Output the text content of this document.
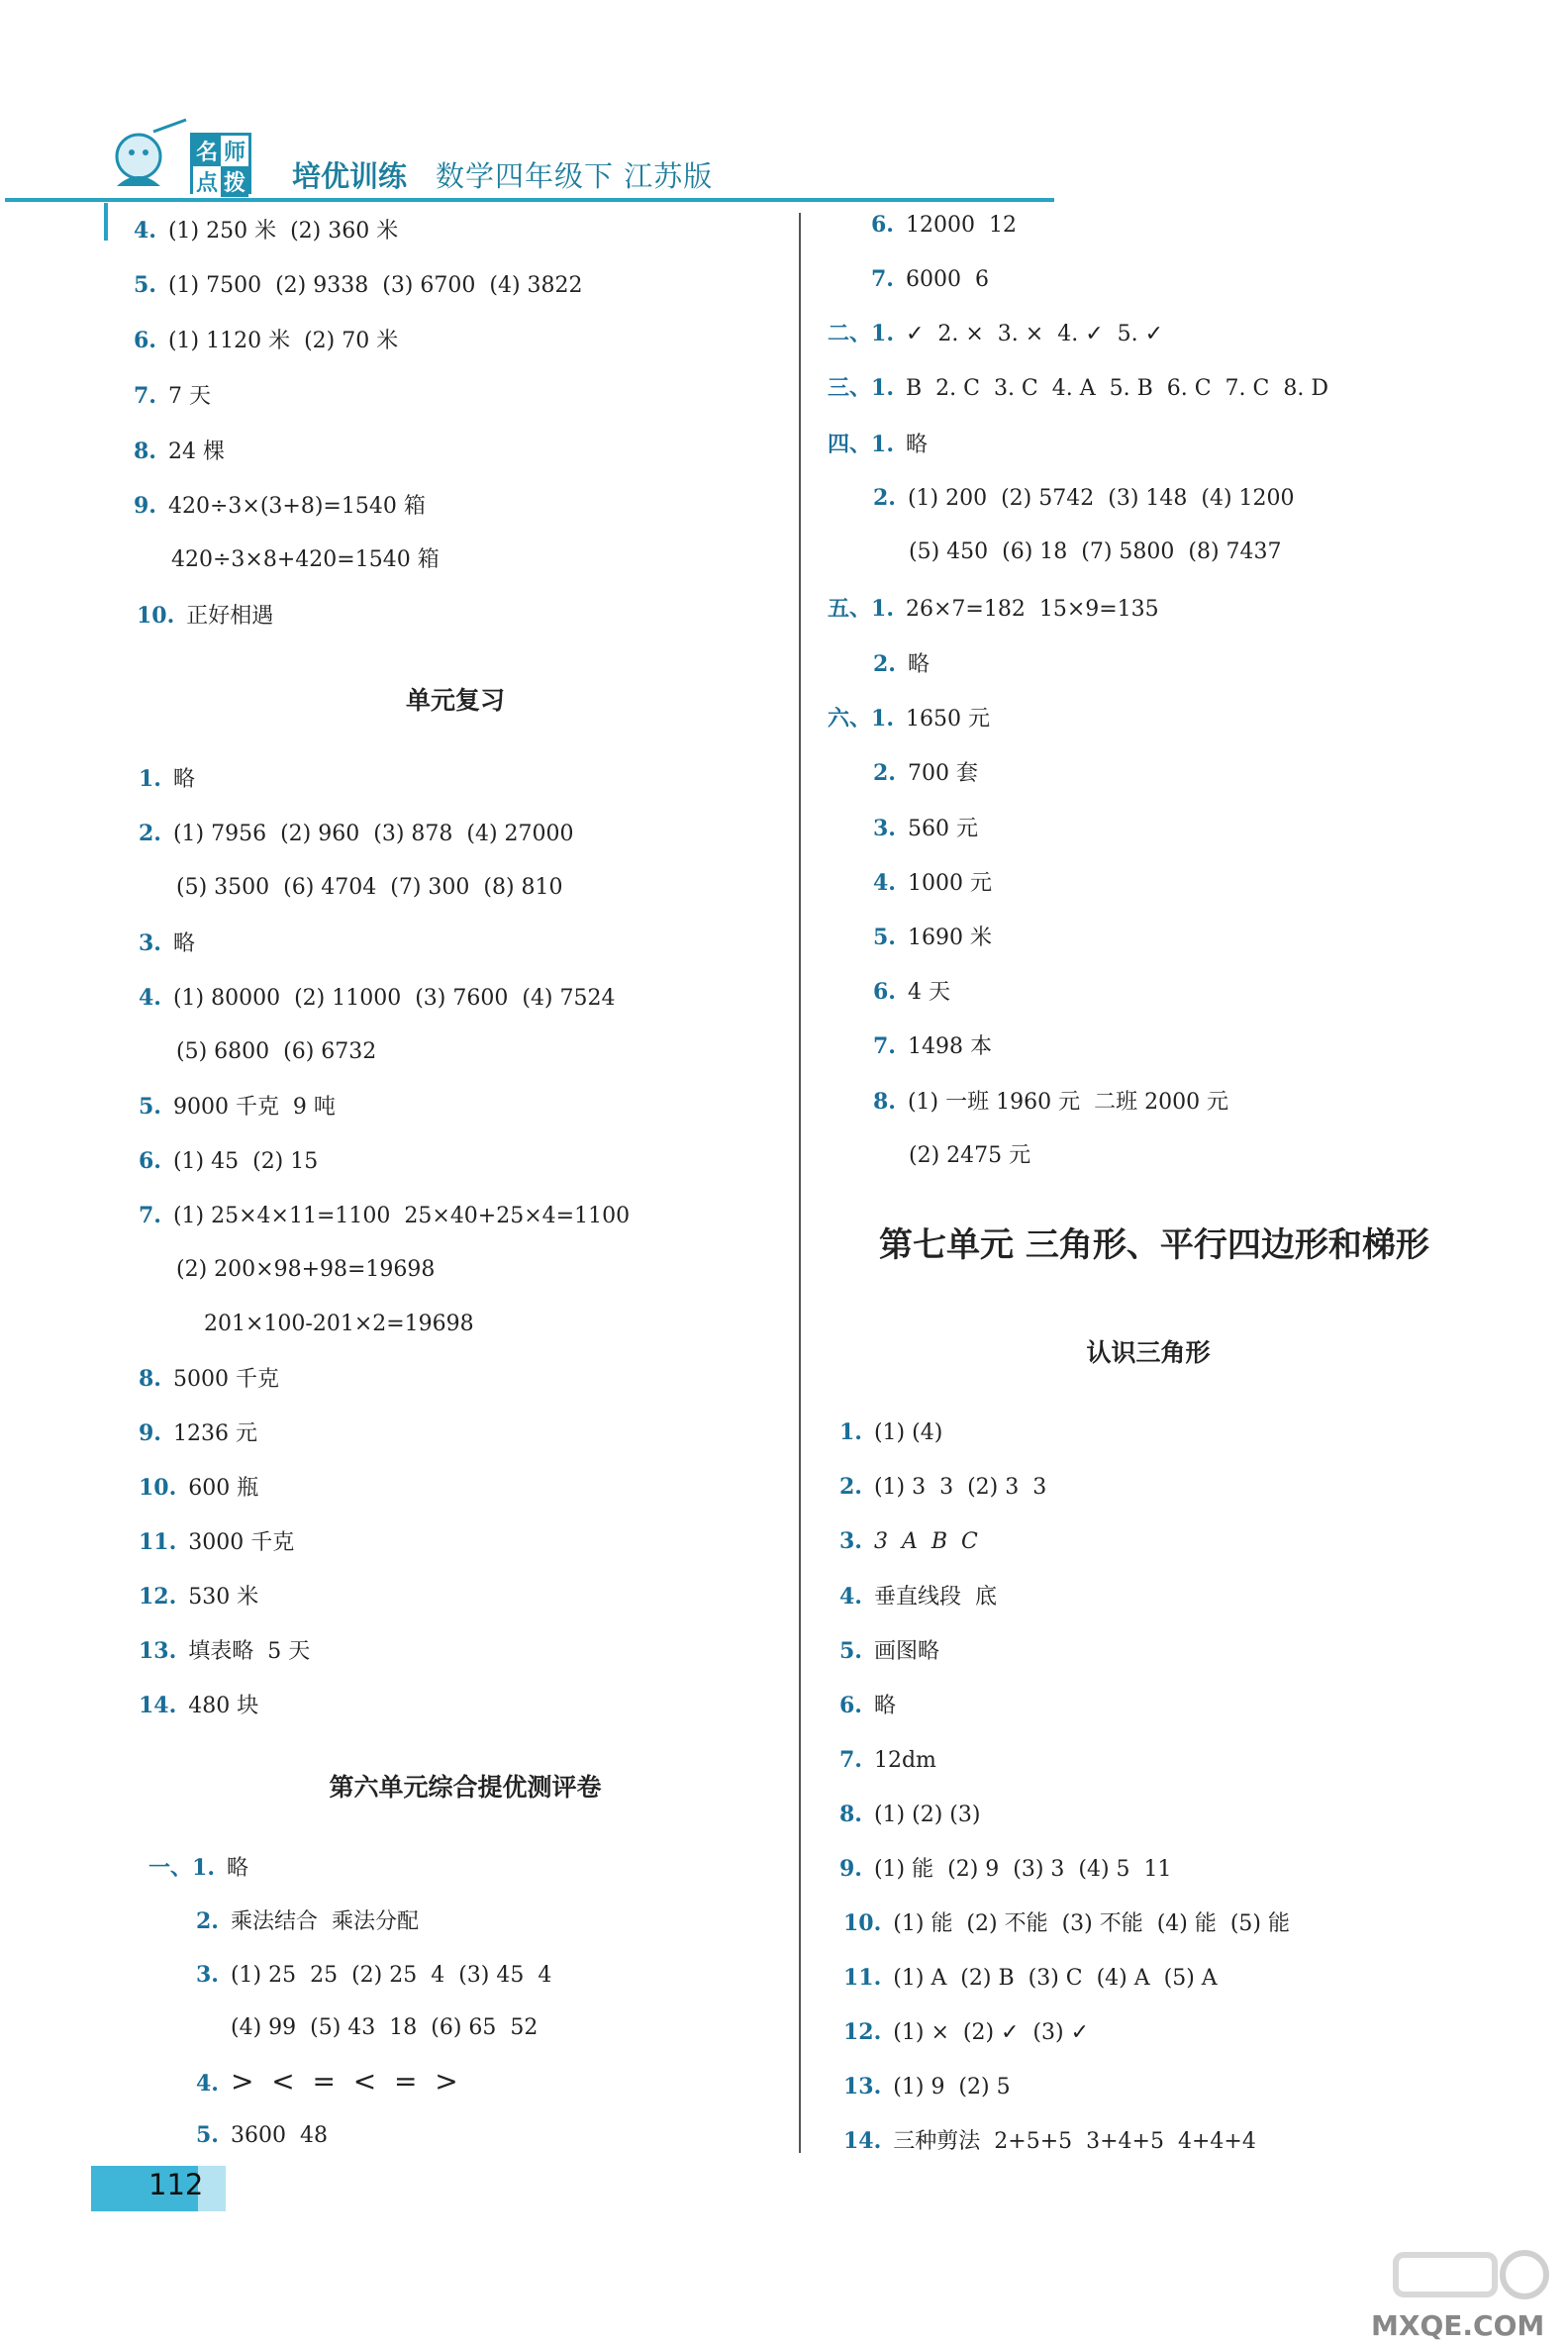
名 师
点 拨 培优训练 数学四年级下 江苏版
4. (1) 250 米  (2) 360 米
5. (1) 7500  (2) 9338  (3) 6700  (4) 3822
6. (1) 1120 米  (2) 70 米
7. 7 天
8. 24 棵
9. 420÷3×(3+8)=1540 箱
420÷3×8+420=1540 箱
10. 正好相遇
单元复习
1. 略
2. (1) 7956  (2) 960  (3) 878  (4) 27000
(5) 3500  (6) 4704  (7) 300  (8) 810
3. 略
4. (1) 80000  (2) 11000  (3) 7600  (4) 7524
(5) 6800  (6) 6732
5. 9000 千克  9 吨
6. (1) 45  (2) 15
7. (1) 25×4×11=1100  25×40+25×4=1100
(2) 200×98+98=19698
201×100-201×2=19698
8. 5000 千克
9. 1236 元
10. 600 瓶
11. 3000 千克
12. 530 米
13. 填表略  5 天
14. 480 块
第六单元综合提优测评卷
一、1. 略
2. 乘法结合  乘法分配
3. (1) 25  25  (2) 25  4  (3) 45  4
(4) 99  (5) 43  18  (6) 65  52
4. >  <  =  <  =  >
5. 3600  48
6. 12000  12
7. 6000  6
二、1. ✓  2. ×  3. ×  4. ✓  5. ✓
三、1. B  2. C  3. C  4. A  5. B  6. C  7. C  8. D
四、1. 略
2. (1) 200  (2) 5742  (3) 148  (4) 1200
(5) 450  (6) 18  (7) 5800  (8) 7437
五、1. 26×7=182  15×9=135
2. 略
六、1. 1650 元
2. 700 套
3. 560 元
4. 1000 元
5. 1690 米
6. 4 天
7. 1498 本
8. (1) 一班 1960 元  二班 2000 元
(2) 2475 元
第七单元 三角形、平行四边形和梯形
认识三角形
1. (1) (4)
2. (1) 3  3  (2) 3  3
3. 3  A  B  C
4. 垂直线段  底
5. 画图略
6. 略
7. 12dm
8. (1) (2) (3)
9. (1) 能  (2) 9  (3) 3  (4) 5  11
10. (1) 能  (2) 不能  (3) 不能  (4) 能  (5) 能
11. (1) A  (2) B  (3) C  (4) A  (5) A
12. (1) ×  (2) ✓  (3) ✓
13. (1) 9  (2) 5
14. 三种剪法  2+5+5  3+4+5  4+4+4
112
MXQE.COM
